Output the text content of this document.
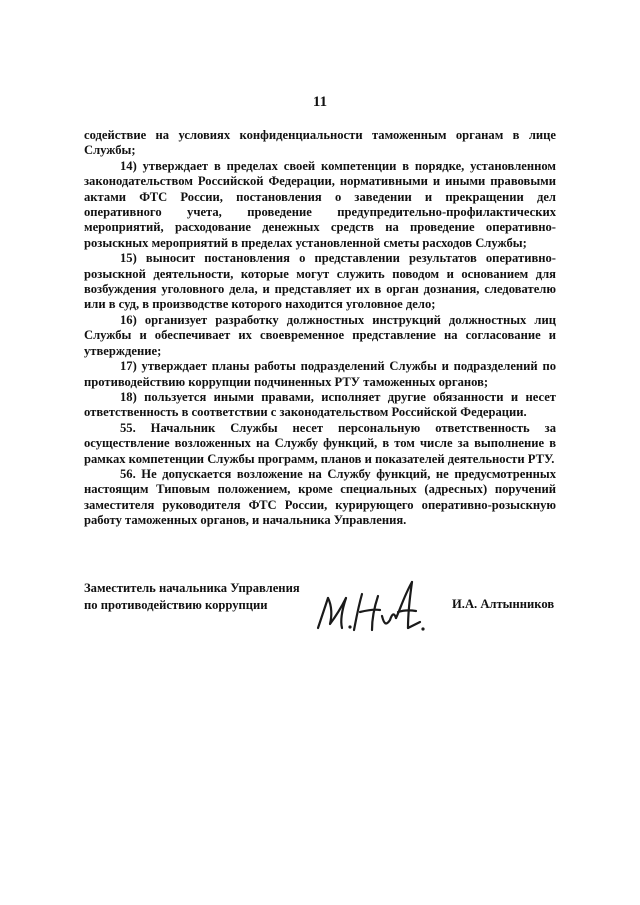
11

содействие на условиях конфиденциальности таможенным органам в лице Службы;

14) утверждает в пределах своей компетенции в порядке, установленном законодательством Российской Федерации, нормативными и иными правовыми актами ФТС России, постановления о заведении и прекращении дел оперативного учета, проведение предупредительно-профилактических мероприятий, расходование денежных средств на проведение оперативно-розыскных мероприятий в пределах установленной сметы расходов Службы;

15) выносит постановления о представлении результатов оперативно-розыскной деятельности, которые могут служить поводом и основанием для возбуждения уголовного дела, и представляет их в орган дознания, следователю или в суд, в производстве которого находится уголовное дело;

16) организует разработку должностных инструкций должностных лиц Службы и обеспечивает их своевременное представление на согласование и утверждение;

17) утверждает планы работы подразделений Службы и подразделений по противодействию коррупции подчиненных РТУ таможенных органов;

18) пользуется иными правами, исполняет другие обязанности и несет ответственность в соответствии с законодательством Российской Федерации.

55. Начальник Службы несет персональную ответственность за осуществление возложенных на Службу функций, в том числе за выполнение в рамках компетенции Службы программ, планов и показателей деятельности РТУ.

56. Не допускается возложение на Службу функций, не предусмотренных настоящим Типовым положением, кроме специальных (адресных) поручений заместителя руководителя ФТС России, курирующего оперативно-розыскную работу таможенных органов, и начальника Управления.

Заместитель начальника Управления
по противодействию коррупции	И.А. Алтынников
